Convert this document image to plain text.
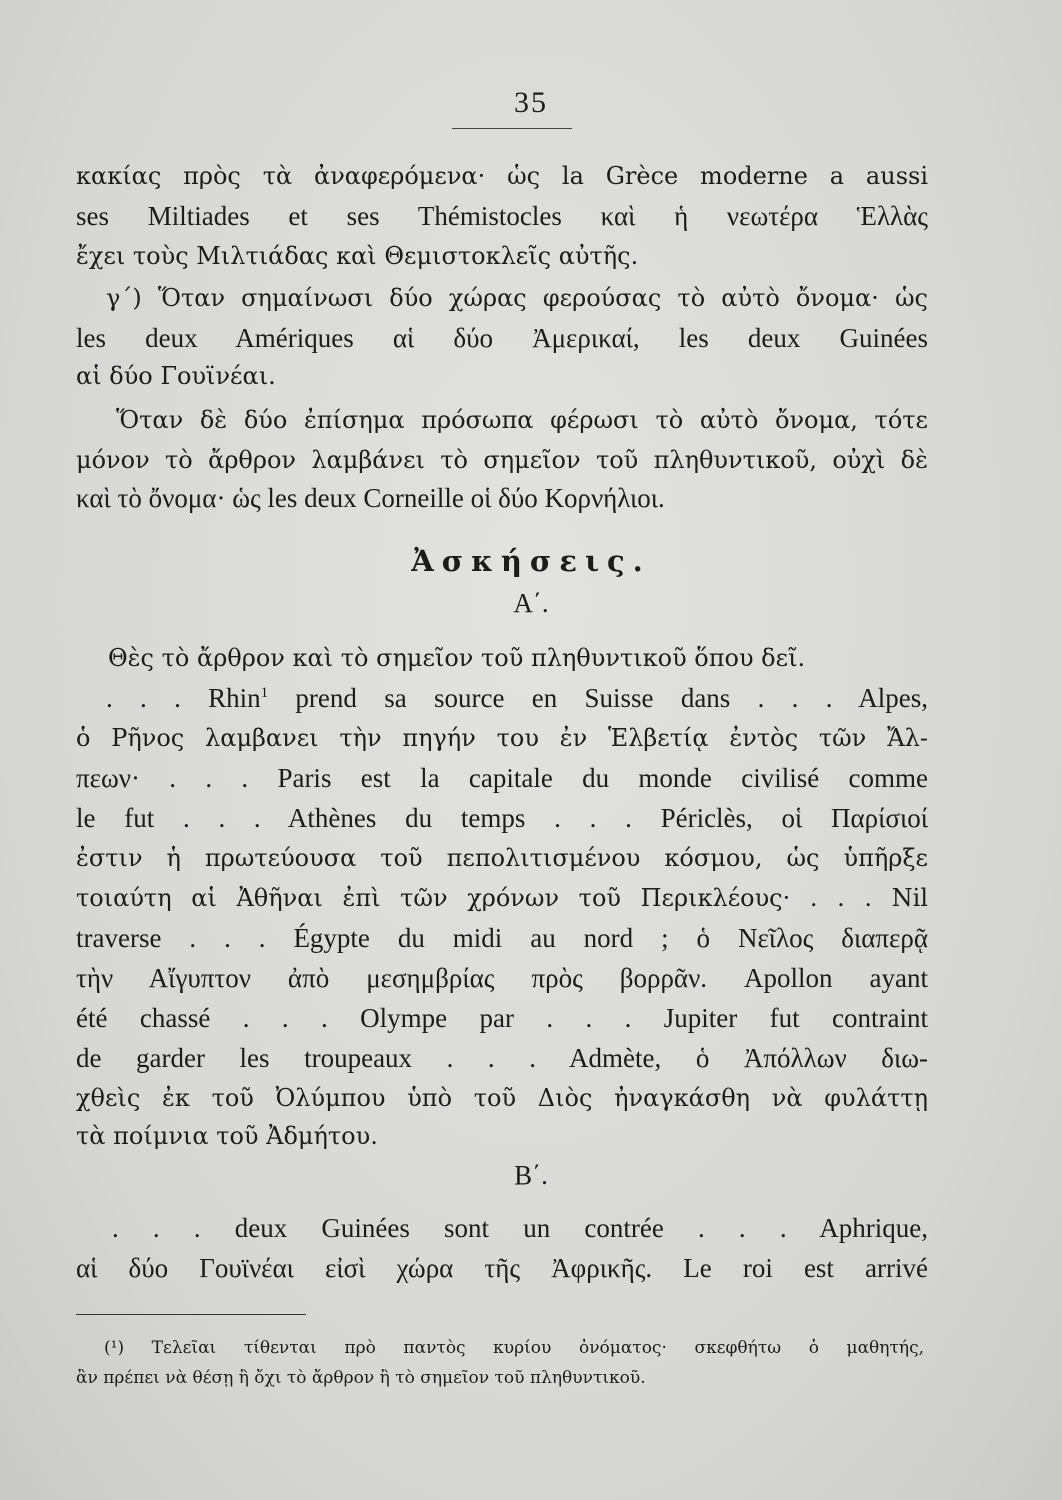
35
κακίας πρὸς τὰ ἀναφερόμενα· ὡς la Grèce moderne a aussi
ses Miltiades et ses Thémistocles καὶ ἡ νεωτέρα Ἑλλὰς
ἔχει τοὺς Μιλτιάδας καὶ Θεμιστοκλεῖς αὐτῆς.
γ΄) Ὅταν σημαίνωσι δύο χώρας φερούσας τὸ αὐτὸ ὄνομα· ὡς
les deux Amériques αἱ δύο Ἀμερικαί, les deux Guinées
αἱ δύο Γουϊνέαι.
Ὅταν δὲ δύο ἐπίσημα πρόσωπα φέρωσι τὸ αὐτὸ ὄνομα, τότε
μόνον τὸ ἄρθρον λαμβάνει τὸ σημεῖον τοῦ πληθυντικοῦ, οὐχὶ δὲ
καὶ τὸ ὄνομα· ὡς les deux Corneille οἱ δύο Κορνήλιοι.
Ἀσκήσεις.
Α΄.
Θὲς τὸ ἄρθρον καὶ τὸ σημεῖον τοῦ πληθυντικοῦ ὅπου δεῖ.
. . . Rhin$^1$ prend sa source en Suisse dans . . . Alpes,
ὁ Ρῆνος λαμβανει τὴν πηγήν του ἐν Ἑλβετίᾳ ἐντὸς τῶν Ἄλ-
πεων· . . . Paris est la capitale du monde civilisé comme
le fut . . . Athènes du temps . . . Périclès, οἱ Παρίσιοί
ἐστιν ἡ πρωτεύουσα τοῦ πεπολιτισμένου κόσμου, ὡς ὑπῆρξε
τοιαύτη αἱ Ἀθῆναι ἐπὶ τῶν χρόνων τοῦ Περικλέους· . . . Nil
traverse . . . Égypte du midi au nord ; ὁ Νεῖλος διαπερᾷ
τὴν Αἴγυπτον ἀπὸ μεσημβρίας πρὸς βορρᾶν. Apollon ayant
été chassé . . . Olympe par . . . Jupiter fut contraint
de garder les troupeaux . . . Admète, ὁ Ἀπόλλων διω-
χθεὶς ἐκ τοῦ Ὀλύμπου ὑπὸ τοῦ Διὸς ἠναγκάσθη νὰ φυλάττῃ
τὰ ποίμνια τοῦ Ἀδμήτου.
Β΄.
. . . deux Guinées sont un contrée . . . Aphrique,
αἱ δύο Γουϊνέαι εἰσὶ χώρα τῆς Ἀφρικῆς. Le roi est arrivé
(¹) Τελεῖαι τίθενται πρὸ παντὸς κυρίου ὀνόματος· σκεφθήτω ὁ μαθητής,
ἂν πρέπει νὰ θέσῃ ἢ ὄχι τὸ ἄρθρον ἢ τὸ σημεῖον τοῦ πληθυντικοῦ.
